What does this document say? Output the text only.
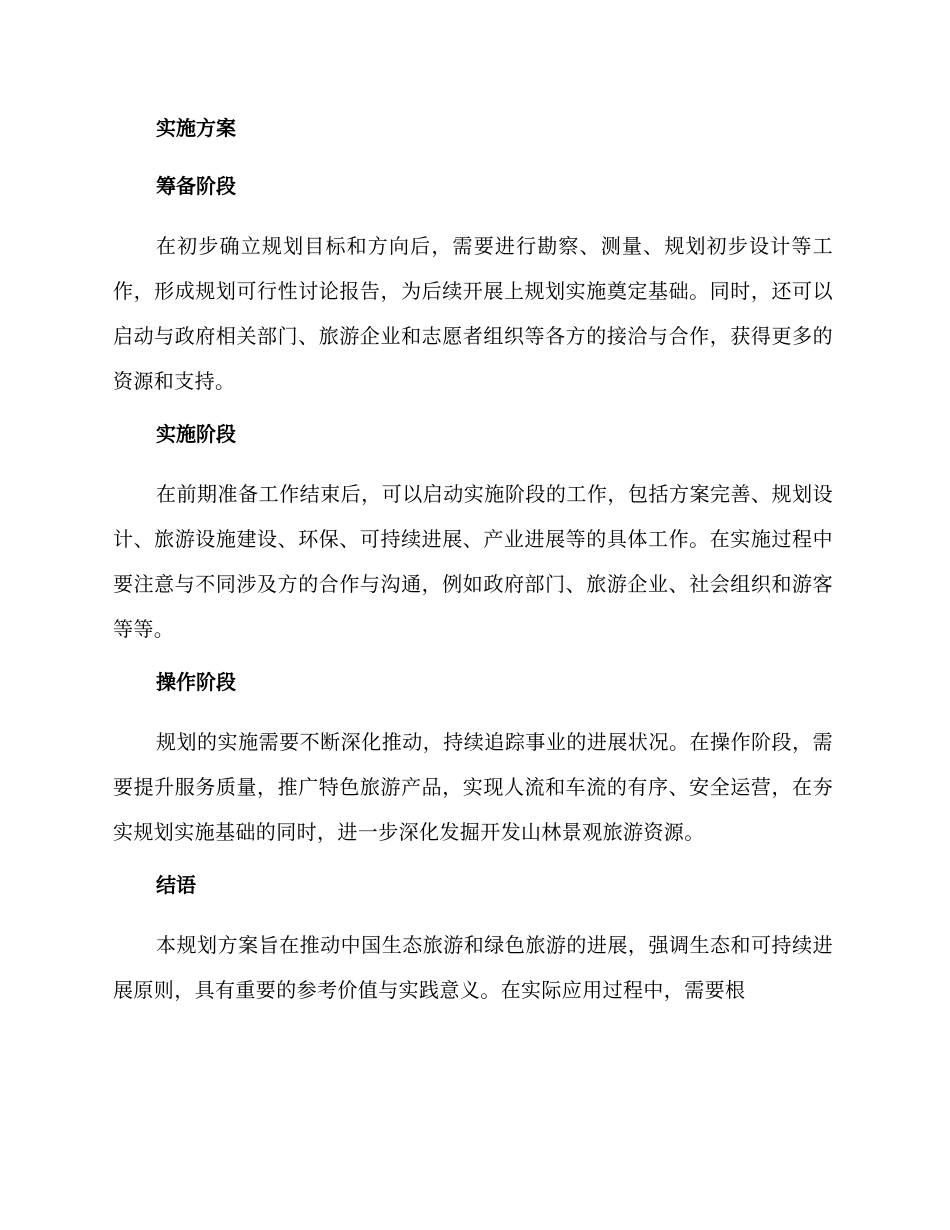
实施方案
筹备阶段

在初步确立规划目标和方向后，需要进行勘察、测量、规划初步设计等工作，形成规划可行性讨论报告，为后续开展上规划实施奠定基础。同时，还可以启动与政府相关部门、旅游企业和志愿者组织等各方的接洽与合作，获得更多的资源和支持。

实施阶段

在前期准备工作结束后，可以启动实施阶段的工作，包括方案完善、规划设计、旅游设施建设、环保、可持续进展、产业进展等的具体工作。在实施过程中要注意与不同涉及方的合作与沟通，例如政府部门、旅游企业、社会组织和游客等等。

操作阶段

规划的实施需要不断深化推动，持续追踪事业的进展状况。在操作阶段，需要提升服务质量，推广特色旅游产品，实现人流和车流的有序、安全运营，在夯实规划实施基础的同时，进一步深化发掘开发山林景观旅游资源。

结语

本规划方案旨在推动中国生态旅游和绿色旅游的进展，强调生态和可持续进展原则，具有重要的参考价值与实践意义。在实际应用过程中，需要根
